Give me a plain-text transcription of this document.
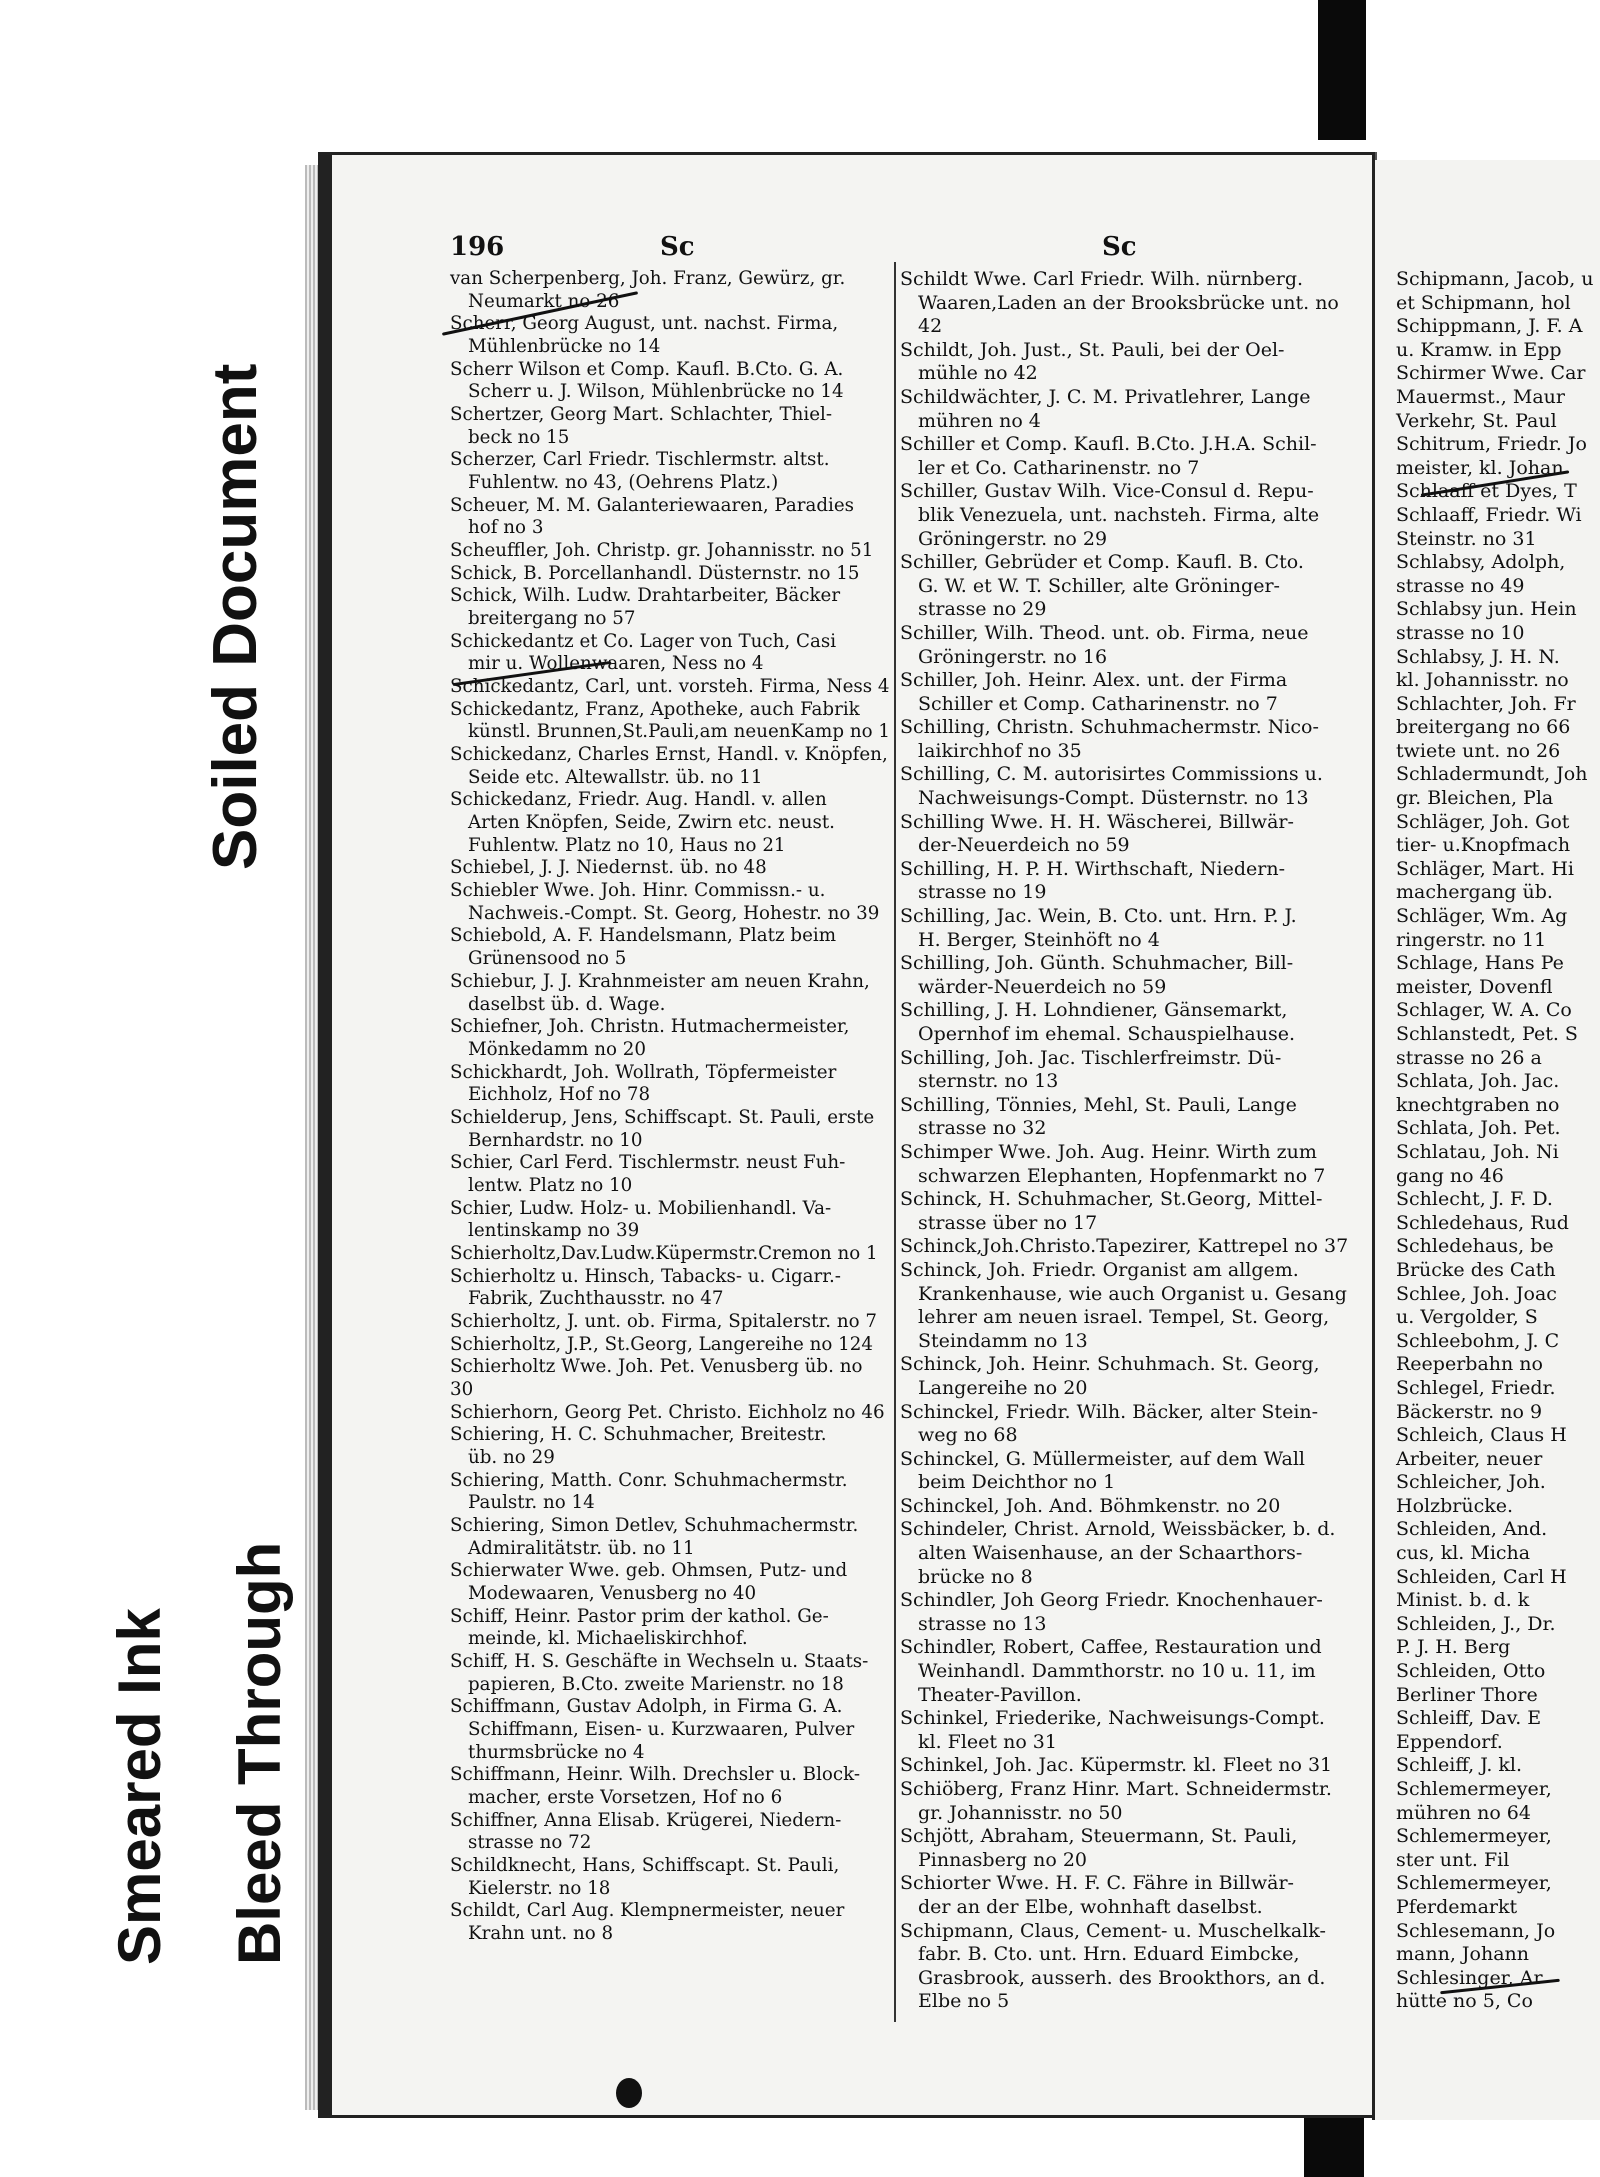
Soiled Document
Smeared Ink Bleed Through
196	Sc	Sc
van Scherpenberg, Joh. Franz, Gewürz, gr.
Neumarkt no 26
Scherr, Georg August, unt. nachst. Firma,
Mühlenbrücke no 14
Scherr Wilson et Comp. Kaufl. B.Cto. G. A.
Scherr u. J. Wilson, Mühlenbrücke no 14
Schertzer, Georg Mart. Schlachter, Thiel-
beck no 15
Scherzer, Carl Friedr. Tischlermstr. altst.
Fuhlentw. no 43, (Oehrens Platz.)
Scheuer, M. M. Galanteriewaaren, Paradies
hof no 3
Scheuffler, Joh. Christp. gr. Johannisstr. no 51
Schick, B. Porcellanhandl. Düsternstr. no 15
Schick, Wilh. Ludw. Drahtarbeiter, Bäcker
breitergang no 57
Schickedantz et Co. Lager von Tuch, Casi
mir u. Wollenwaaren, Ness no 4
Schickedantz, Carl, unt. vorsteh. Firma, Ness 4
Schickedantz, Franz, Apotheke, auch Fabrik
künstl. Brunnen,St.Pauli,am neuenKamp no 1
Schickedanz, Charles Ernst, Handl. v. Knöpfen,
Seide etc. Altewallstr. üb. no 11
Schickedanz, Friedr. Aug. Handl. v. allen
Arten Knöpfen, Seide, Zwirn etc. neust.
Fuhlentw. Platz no 10, Haus no 21
Schiebel, J. J. Niedernst. üb. no 48
Schiebler Wwe. Joh. Hinr. Commissn.- u.
Nachweis.-Compt. St. Georg, Hohestr. no 39
Schiebold, A. F. Handelsmann, Platz beim
Grünensood no 5
Schiebur, J. J. Krahnmeister am neuen Krahn,
daselbst üb. d. Wage.
Schiefner, Joh. Christn. Hutmachermeister,
Mönkedamm no 20
Schickhardt, Joh. Wollrath, Töpfermeister
Eichholz, Hof no 78
Schielderup, Jens, Schiffscapt. St. Pauli, erste
Bernhardstr. no 10
Schier, Carl Ferd. Tischlermstr. neust Fuh-
lentw. Platz no 10
Schier, Ludw. Holz- u. Mobilienhandl. Va-
lentinskamp no 39
Schierholtz,Dav.Ludw.Küpermstr.Cremon no 1
Schierholtz u. Hinsch, Tabacks- u. Cigarr.-
Fabrik, Zuchthausstr. no 47
Schierholtz, J. unt. ob. Firma, Spitalerstr. no 7
Schierholtz, J.P., St.Georg, Langereihe no 124
Schierholtz Wwe. Joh. Pet. Venusberg üb. no 30
Schierhorn, Georg Pet. Christo. Eichholz no 46
Schiering, H. C. Schuhmacher, Breitestr.
üb. no 29
Schiering, Matth. Conr. Schuhmachermstr.
Paulstr. no 14
Schiering, Simon Detlev, Schuhmachermstr.
Admiralitätstr. üb. no 11
Schierwater Wwe. geb. Ohmsen, Putz- und
Modewaaren, Venusberg no 40
Schiff, Heinr. Pastor prim der kathol. Ge-
meinde, kl. Michaeliskirchhof.
Schiff, H. S. Geschäfte in Wechseln u. Staats-
papieren, B.Cto. zweite Marienstr. no 18
Schiffmann, Gustav Adolph, in Firma G. A.
Schiffmann, Eisen- u. Kurzwaaren, Pulver
thurmsbrücke no 4
Schiffmann, Heinr. Wilh. Drechsler u. Block-
macher, erste Vorsetzen, Hof no 6
Schiffner, Anna Elisab. Krügerei, Niedern-
strasse no 72
Schildknecht, Hans, Schiffscapt. St. Pauli,
Kielerstr. no 18
Schildt, Carl Aug. Klempnermeister, neuer
Krahn unt. no 8
Schildt Wwe. Carl Friedr. Wilh. nürnberg.
Waaren,Laden an der Brooksbrücke unt. no 42
Schildt, Joh. Just., St. Pauli, bei der Oel-
mühle no 42
Schildwächter, J. C. M. Privatlehrer, Lange
mühren no 4
Schiller et Comp. Kaufl. B.Cto. J.H.A. Schil-
ler et Co. Catharinenstr. no 7
Schiller, Gustav Wilh. Vice-Consul d. Repu-
blik Venezuela, unt. nachsteh. Firma, alte
Gröningerstr. no 29
Schiller, Gebrüder et Comp. Kaufl. B. Cto.
G. W. et W. T. Schiller, alte Gröninger-
strasse no 29
Schiller, Wilh. Theod. unt. ob. Firma, neue
Gröningerstr. no 16
Schiller, Joh. Heinr. Alex. unt. der Firma
Schiller et Comp. Catharinenstr. no 7
Schilling, Christn. Schuhmachermstr. Nico-
laikirchhof no 35
Schilling, C. M. autorisirtes Commissions u.
Nachweisungs-Compt. Düsternstr. no 13
Schilling Wwe. H. H. Wäscherei, Billwär-
der-Neuerdeich no 59
Schilling, H. P. H. Wirthschaft, Niedern-
strasse no 19
Schilling, Jac. Wein, B. Cto. unt. Hrn. P. J.
H. Berger, Steinhöft no 4
Schilling, Joh. Günth. Schuhmacher, Bill-
wärder-Neuerdeich no 59
Schilling, J. H. Lohndiener, Gänsemarkt,
Opernhof im ehemal. Schauspielhause.
Schilling, Joh. Jac. Tischlerfreimstr. Dü-
sternstr. no 13
Schilling, Tönnies, Mehl, St. Pauli, Lange
strasse no 32
Schimper Wwe. Joh. Aug. Heinr. Wirth zum
schwarzen Elephanten, Hopfenmarkt no 7
Schinck, H. Schuhmacher, St.Georg, Mittel-
strasse über no 17
Schinck,Joh.Christo.Tapezirer, Kattrepel no 37
Schinck, Joh. Friedr. Organist am allgem.
Krankenhause, wie auch Organist u. Gesang
lehrer am neuen israel. Tempel, St. Georg,
Steindamm no 13
Schinck, Joh. Heinr. Schuhmach. St. Georg,
Langereihe no 20
Schinckel, Friedr. Wilh. Bäcker, alter Stein-
weg no 68
Schinckel, G. Müllermeister, auf dem Wall
beim Deichthor no 1
Schinckel, Joh. And. Böhmkenstr. no 20
Schindeler, Christ. Arnold, Weissbäcker, b. d.
alten Waisenhause, an der Schaarthors-
brücke no 8
Schindler, Joh Georg Friedr. Knochenhauer-
strasse no 13
Schindler, Robert, Caffee, Restauration und
Weinhandl. Dammthorstr. no 10 u. 11, im
Theater-Pavillon.
Schinkel, Friederike, Nachweisungs-Compt.
kl. Fleet no 31
Schinkel, Joh. Jac. Küpermstr. kl. Fleet no 31
Schiöberg, Franz Hinr. Mart. Schneidermstr.
gr. Johannisstr. no 50
Schjött, Abraham, Steuermann, St. Pauli,
Pinnasberg no 20
Schiorter Wwe. H. F. C. Fähre in Billwär-
der an der Elbe, wohnhaft daselbst.
Schipmann, Claus, Cement- u. Muschelkalk-
fabr. B. Cto. unt. Hrn. Eduard Eimbcke,
Grasbrook, ausserh. des Brookthors, an d.
Elbe no 5
Schipmann, Jacob, u
et Schipmann, hol
Schippmann, J. F. A
u. Kramw. in Epp
Schirmer Wwe. Car
Mauermst., Maur
Verkehr, St. Paul
Schitrum, Friedr. Jo
meister, kl. Johan
Schlaaff et Dyes, T
Schlaaff, Friedr. Wi
Steinstr. no 31
Schlabsy, Adolph,
strasse no 49
Schlabsy jun. Hein
strasse no 10
Schlabsy, J. H. N.
kl. Johannisstr. no
Schlachter, Joh. Fr
breitergang no 66
twiete unt. no 26
Schladermundt, Joh
gr. Bleichen, Pla
Schläger, Joh. Got
tier- u.Knopfmach
Schläger, Mart. Hi
machergang üb.
Schläger, Wm. Ag
ringerstr. no 11
Schlage, Hans Pe
meister, Dovenfl
Schlager, W. A. Co
Schlanstedt, Pet. S
strasse no 26 a
Schlata, Joh. Jac.
knechtgraben no
Schlata, Joh. Pet.
Schlatau, Joh. Ni
gang no 46
Schlecht, J. F. D.
Schledehaus, Rud
Schledehaus, be
Brücke des Cath
Schlee, Joh. Joac
u. Vergolder, S
Schleebohm, J. C
Reeperbahn no
Schlegel, Friedr.
Bäckerstr. no 9
Schleich, Claus H
Arbeiter, neuer
Schleicher, Joh.
Holzbrücke.
Schleiden, And.
cus, kl. Micha
Schleiden, Carl H
Minist. b. d. k
Schleiden, J., Dr.
P. J. H. Berg
Schleiden, Otto
Berliner Thore
Schleiff, Dav. E
Eppendorf.
Schleiff, J. kl.
Schlemermeyer,
mühren no 64
Schlemermeyer,
ster unt. Fil
Schlemermeyer,
Pferdemarkt
Schlesemann, Jo
mann, Johann
Schlesinger, Ar
hütte no 5, Co
